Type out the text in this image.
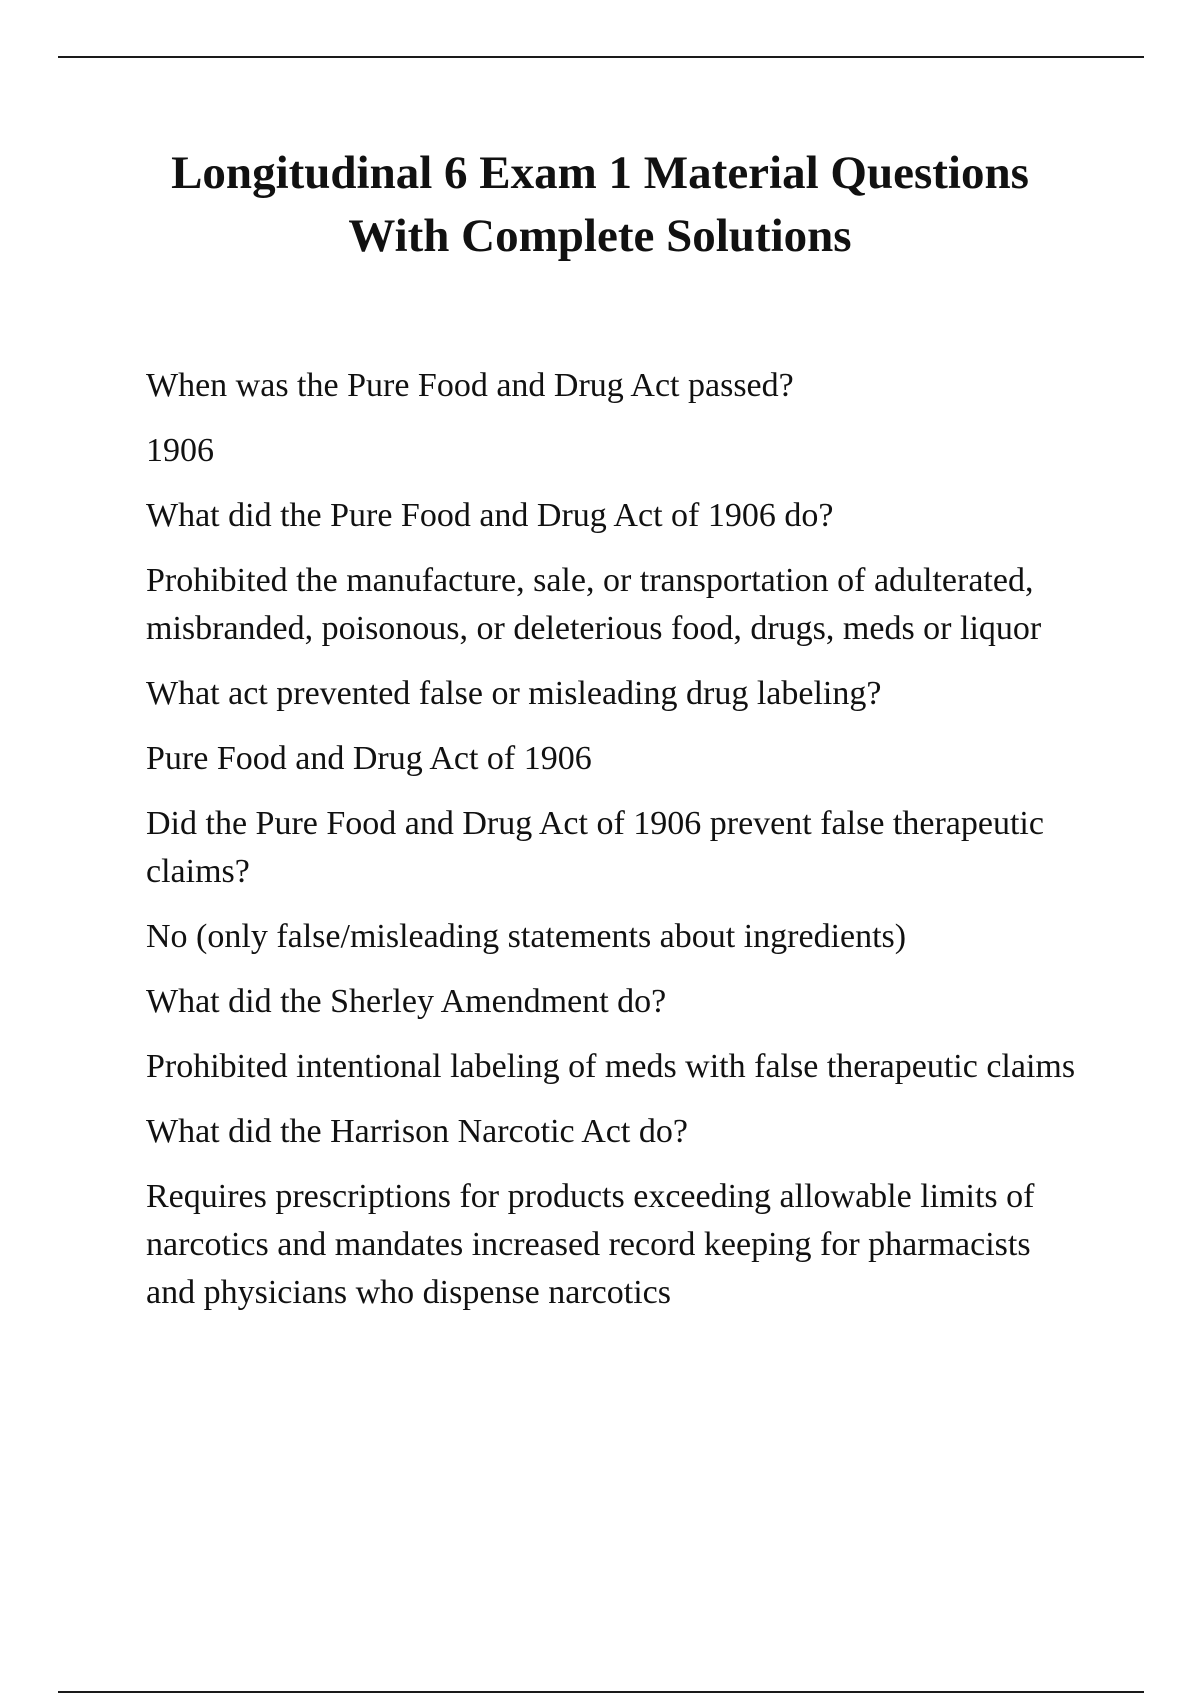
Longitudinal 6 Exam 1 Material Questions
With Complete Solutions

When was the Pure Food and Drug Act passed?

1906

What did the Pure Food and Drug Act of 1906 do?

Prohibited the manufacture, sale, or transportation of adulterated, misbranded, poisonous, or deleterious food, drugs, meds or liquor

What act prevented false or misleading drug labeling?

Pure Food and Drug Act of 1906

Did the Pure Food and Drug Act of 1906 prevent false therapeutic claims?

No (only false/misleading statements about ingredients)

What did the Sherley Amendment do?

Prohibited intentional labeling of meds with false therapeutic claims

What did the Harrison Narcotic Act do?

Requires prescriptions for products exceeding allowable limits of narcotics and mandates increased record keeping for pharmacists and physicians who dispense narcotics
